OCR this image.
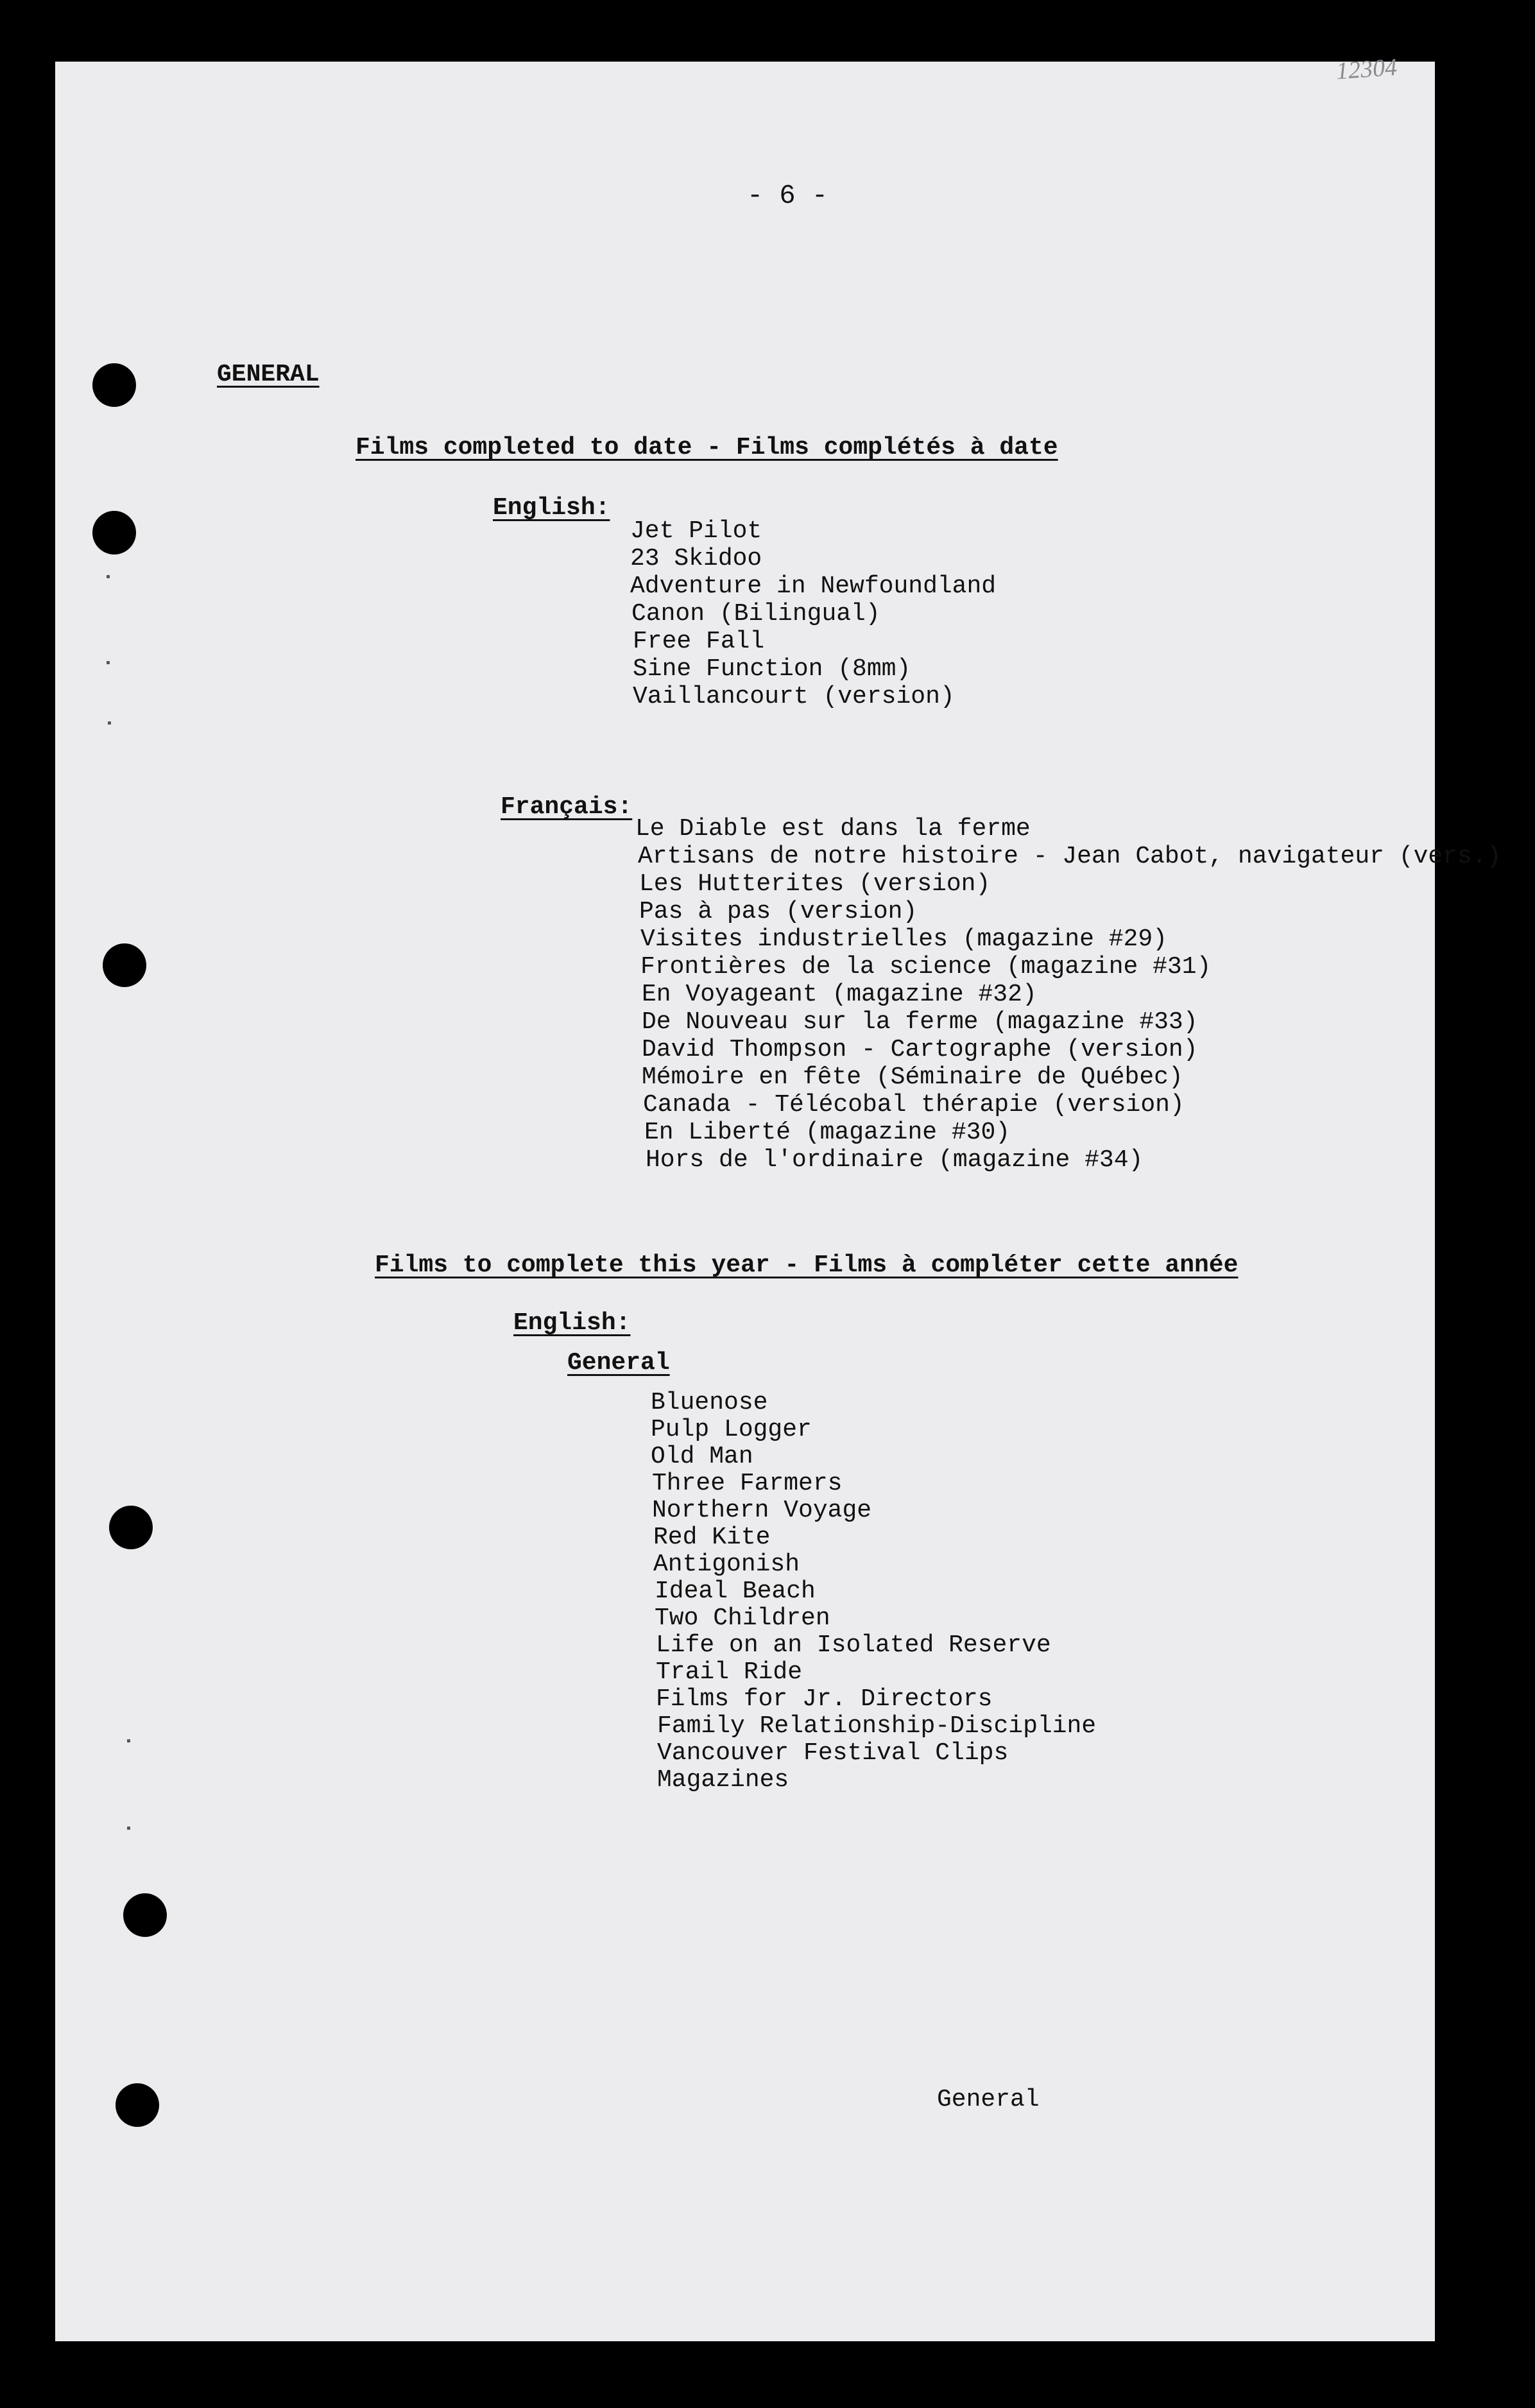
12304
- 6 -
GENERAL
Films completed to date - Films complétés à date
English:
Jet Pilot
23 Skidoo
Adventure in Newfoundland
Canon (Bilingual)
Free Fall
Sine Function (8mm)
Vaillancourt (version)
Français:
Le Diable est dans la ferme
Artisans de notre histoire - Jean Cabot, navigateur (vers.)
Les Hutterites (version)
Pas à pas (version)
Visites industrielles (magazine #29)
Frontières de la science (magazine #31)
En Voyageant (magazine #32)
De Nouveau sur la ferme (magazine #33)
David Thompson - Cartographe (version)
Mémoire en fête (Séminaire de Québec)
Canada - Télécobal thérapie (version)
En Liberté (magazine #30)
Hors de l'ordinaire (magazine #34)
Films to complete this year - Films à compléter cette année
English:
General
Bluenose
Pulp Logger
Old Man
Three Farmers
Northern Voyage
Red Kite
Antigonish
Ideal Beach
Two Children
Life on an Isolated Reserve
Trail Ride
Films for Jr. Directors
Family Relationship-Discipline
Vancouver Festival Clips
Magazines
General
